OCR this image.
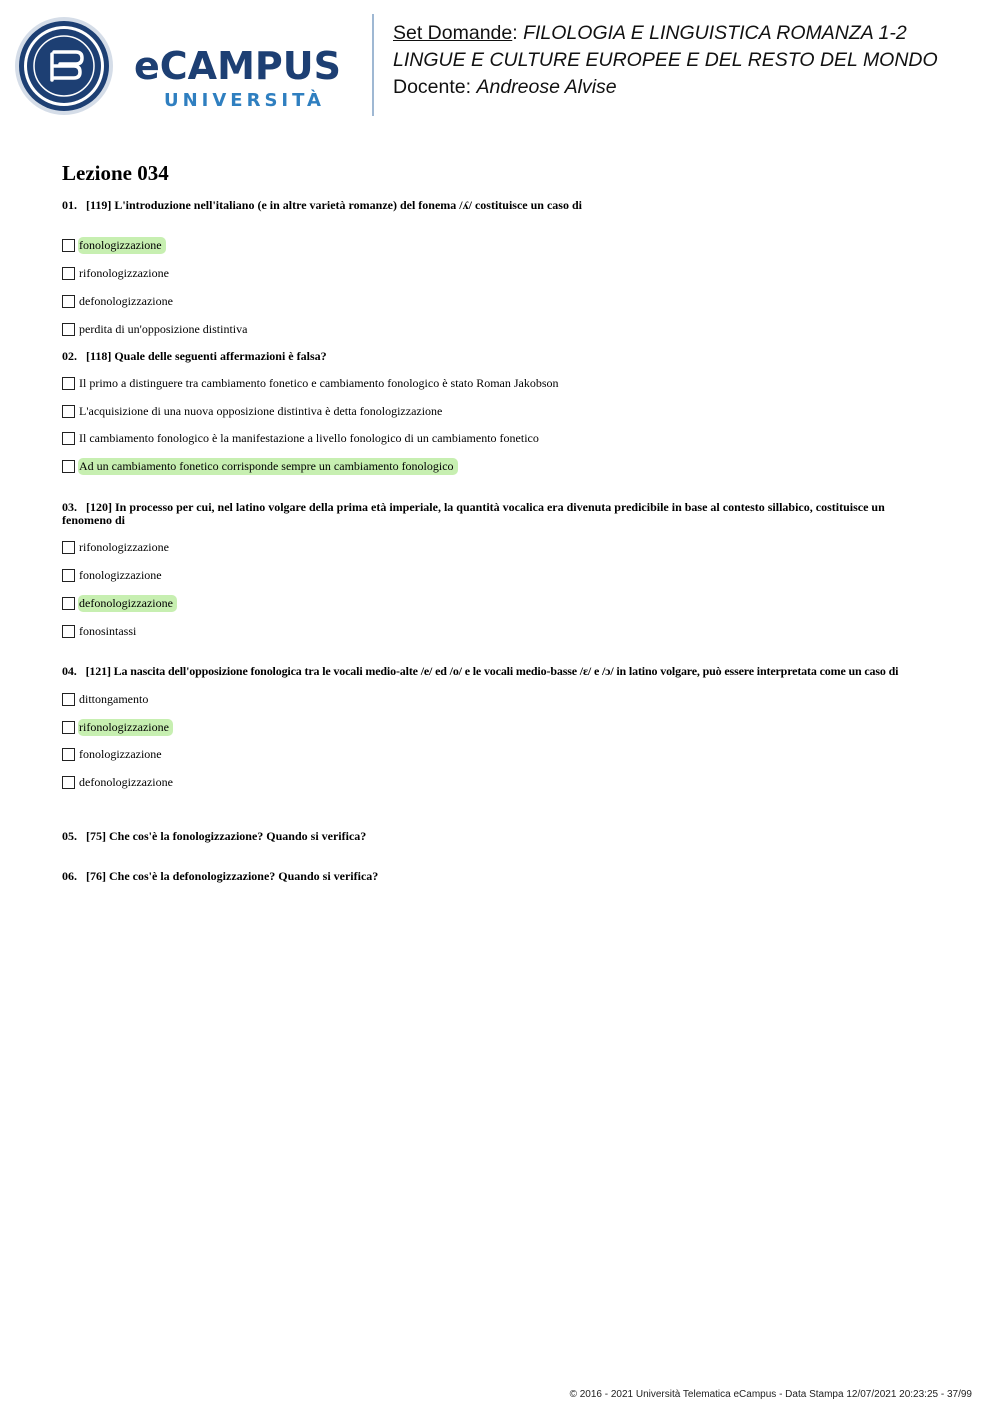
eCAMPUS
UNIVERSITÀ
Set Domande: FILOLOGIA E LINGUISTICA ROMANZA 1-2
LINGUE E CULTURE EUROPEE E DEL RESTO DEL MONDO
Docente: Andreose Alvise
Lezione 034
01. [119] L'introduzione nell'italiano (e in altre varietà romanze) del fonema /ʎ/ costituisce un caso di
fonologizzazione
rifonologizzazione
defonologizzazione
perdita di un'opposizione distintiva
02. [118] Quale delle seguenti affermazioni è falsa?
Il primo a distinguere tra cambiamento fonetico e cambiamento fonologico è stato Roman Jakobson
L'acquisizione di una nuova opposizione distintiva è detta fonologizzazione
Il cambiamento fonologico è la manifestazione a livello fonologico di un cambiamento fonetico
Ad un cambiamento fonetico corrisponde sempre un cambiamento fonologico
03. [120] In processo per cui, nel latino volgare della prima età imperiale, la quantità vocalica era divenuta predicibile in base al contesto sillabico, costituisce un
fenomeno di
rifonologizzazione
fonologizzazione
defonologizzazione
fonosintassi
04. [121] La nascita dell'opposizione fonologica tra le vocali medio-alte /e/ ed /o/ e le vocali medio-basse /ɛ/ e /ɔ/ in latino volgare, può essere interpretata come un caso di
dittongamento
rifonologizzazione
fonologizzazione
defonologizzazione
05. [75] Che cos'è la fonologizzazione? Quando si verifica?
06. [76] Che cos'è la defonologizzazione? Quando si verifica?
© 2016 - 2021 Università Telematica eCampus - Data Stampa 12/07/2021 20:23:25 - 37/99
